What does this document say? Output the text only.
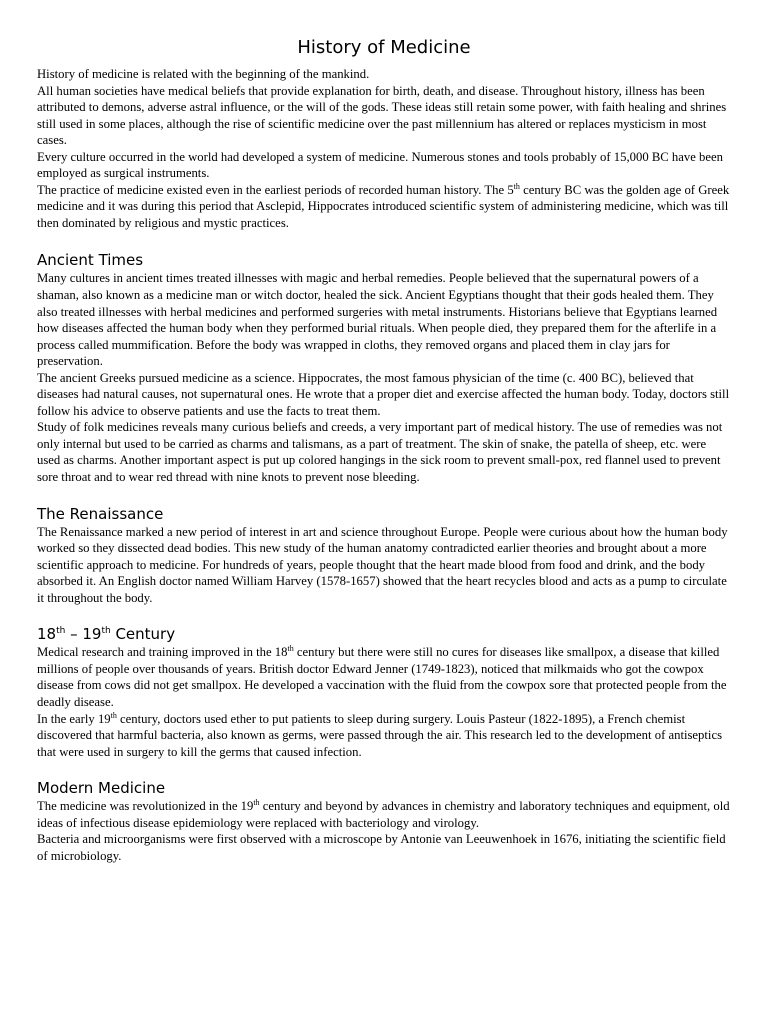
History of Medicine

History of medicine is related with the beginning of the mankind.

All human societies have medical beliefs that provide explanation for birth, death, and disease. Throughout history, illness has been attributed to demons, adverse astral influence, or the will of the gods. These ideas still retain some power, with faith healing and shrines still used in some places, although the rise of scientific medicine over the past millennium has altered or replaces mysticism in most cases.

Every culture occurred in the world had developed a system of medicine. Numerous stones and tools probably of 15,000 BC have been employed as surgical instruments.

The practice of medicine existed even in the earliest periods of recorded human history. The 5th century BC was the golden age of Greek medicine and it was during this period that Asclepid, Hippocrates introduced scientific system of administering medicine, which was till then dominated by religious and mystic practices.

Ancient Times

Many cultures in ancient times treated illnesses with magic and herbal remedies. People believed that the supernatural powers of a shaman, also known as a medicine man or witch doctor, healed the sick. Ancient Egyptians thought that their gods healed them. They also treated illnesses with herbal medicines and performed surgeries with metal instruments. Historians believe that Egyptians learned how diseases affected the human body when they performed burial rituals. When people died, they prepared them for the afterlife in a process called mummification. Before the body was wrapped in cloths, they removed organs and placed them in clay jars for preservation.

The ancient Greeks pursued medicine as a science. Hippocrates, the most famous physician of the time (c. 400 BC), believed that diseases had natural causes, not supernatural ones. He wrote that a proper diet and exercise affected the human body. Today, doctors still follow his advice to observe patients and use the facts to treat them.

Study of folk medicines reveals many curious beliefs and creeds, a very important part of medical history. The use of remedies was not only internal but used to be carried as charms and talismans, as a part of treatment. The skin of snake, the patella of sheep, etc. were used as charms. Another important aspect is put up colored hangings in the sick room to prevent small-pox, red flannel used to prevent sore throat and to wear red thread with nine knots to prevent nose bleeding.

The Renaissance

The Renaissance marked a new period of interest in art and science throughout Europe. People were curious about how the human body worked so they dissected dead bodies. This new study of the human anatomy contradicted earlier theories and brought about a more scientific approach to medicine. For hundreds of years, people thought that the heart made blood from food and drink, and the body absorbed it. An English doctor named William Harvey (1578-1657) showed that the heart recycles blood and acts as a pump to circulate it throughout the body.

18th – 19th Century

Medical research and training improved in the 18th century but there were still no cures for diseases like smallpox, a disease that killed millions of people over thousands of years. British doctor Edward Jenner (1749-1823), noticed that milkmaids who got the cowpox disease from cows did not get smallpox. He developed a vaccination with the fluid from the cowpox sore that protected people from the deadly disease.

In the early 19th century, doctors used ether to put patients to sleep during surgery. Louis Pasteur (1822-1895), a French chemist discovered that harmful bacteria, also known as germs, were passed through the air. This research led to the development of antiseptics that were used in surgery to kill the germs that caused infection.

Modern Medicine

The medicine was revolutionized in the 19th century and beyond by advances in chemistry and laboratory techniques and equipment, old ideas of infectious disease epidemiology were replaced with bacteriology and virology.

Bacteria and microorganisms were first observed with a microscope by Antonie van Leeuwenhoek in 1676, initiating the scientific field of microbiology.
